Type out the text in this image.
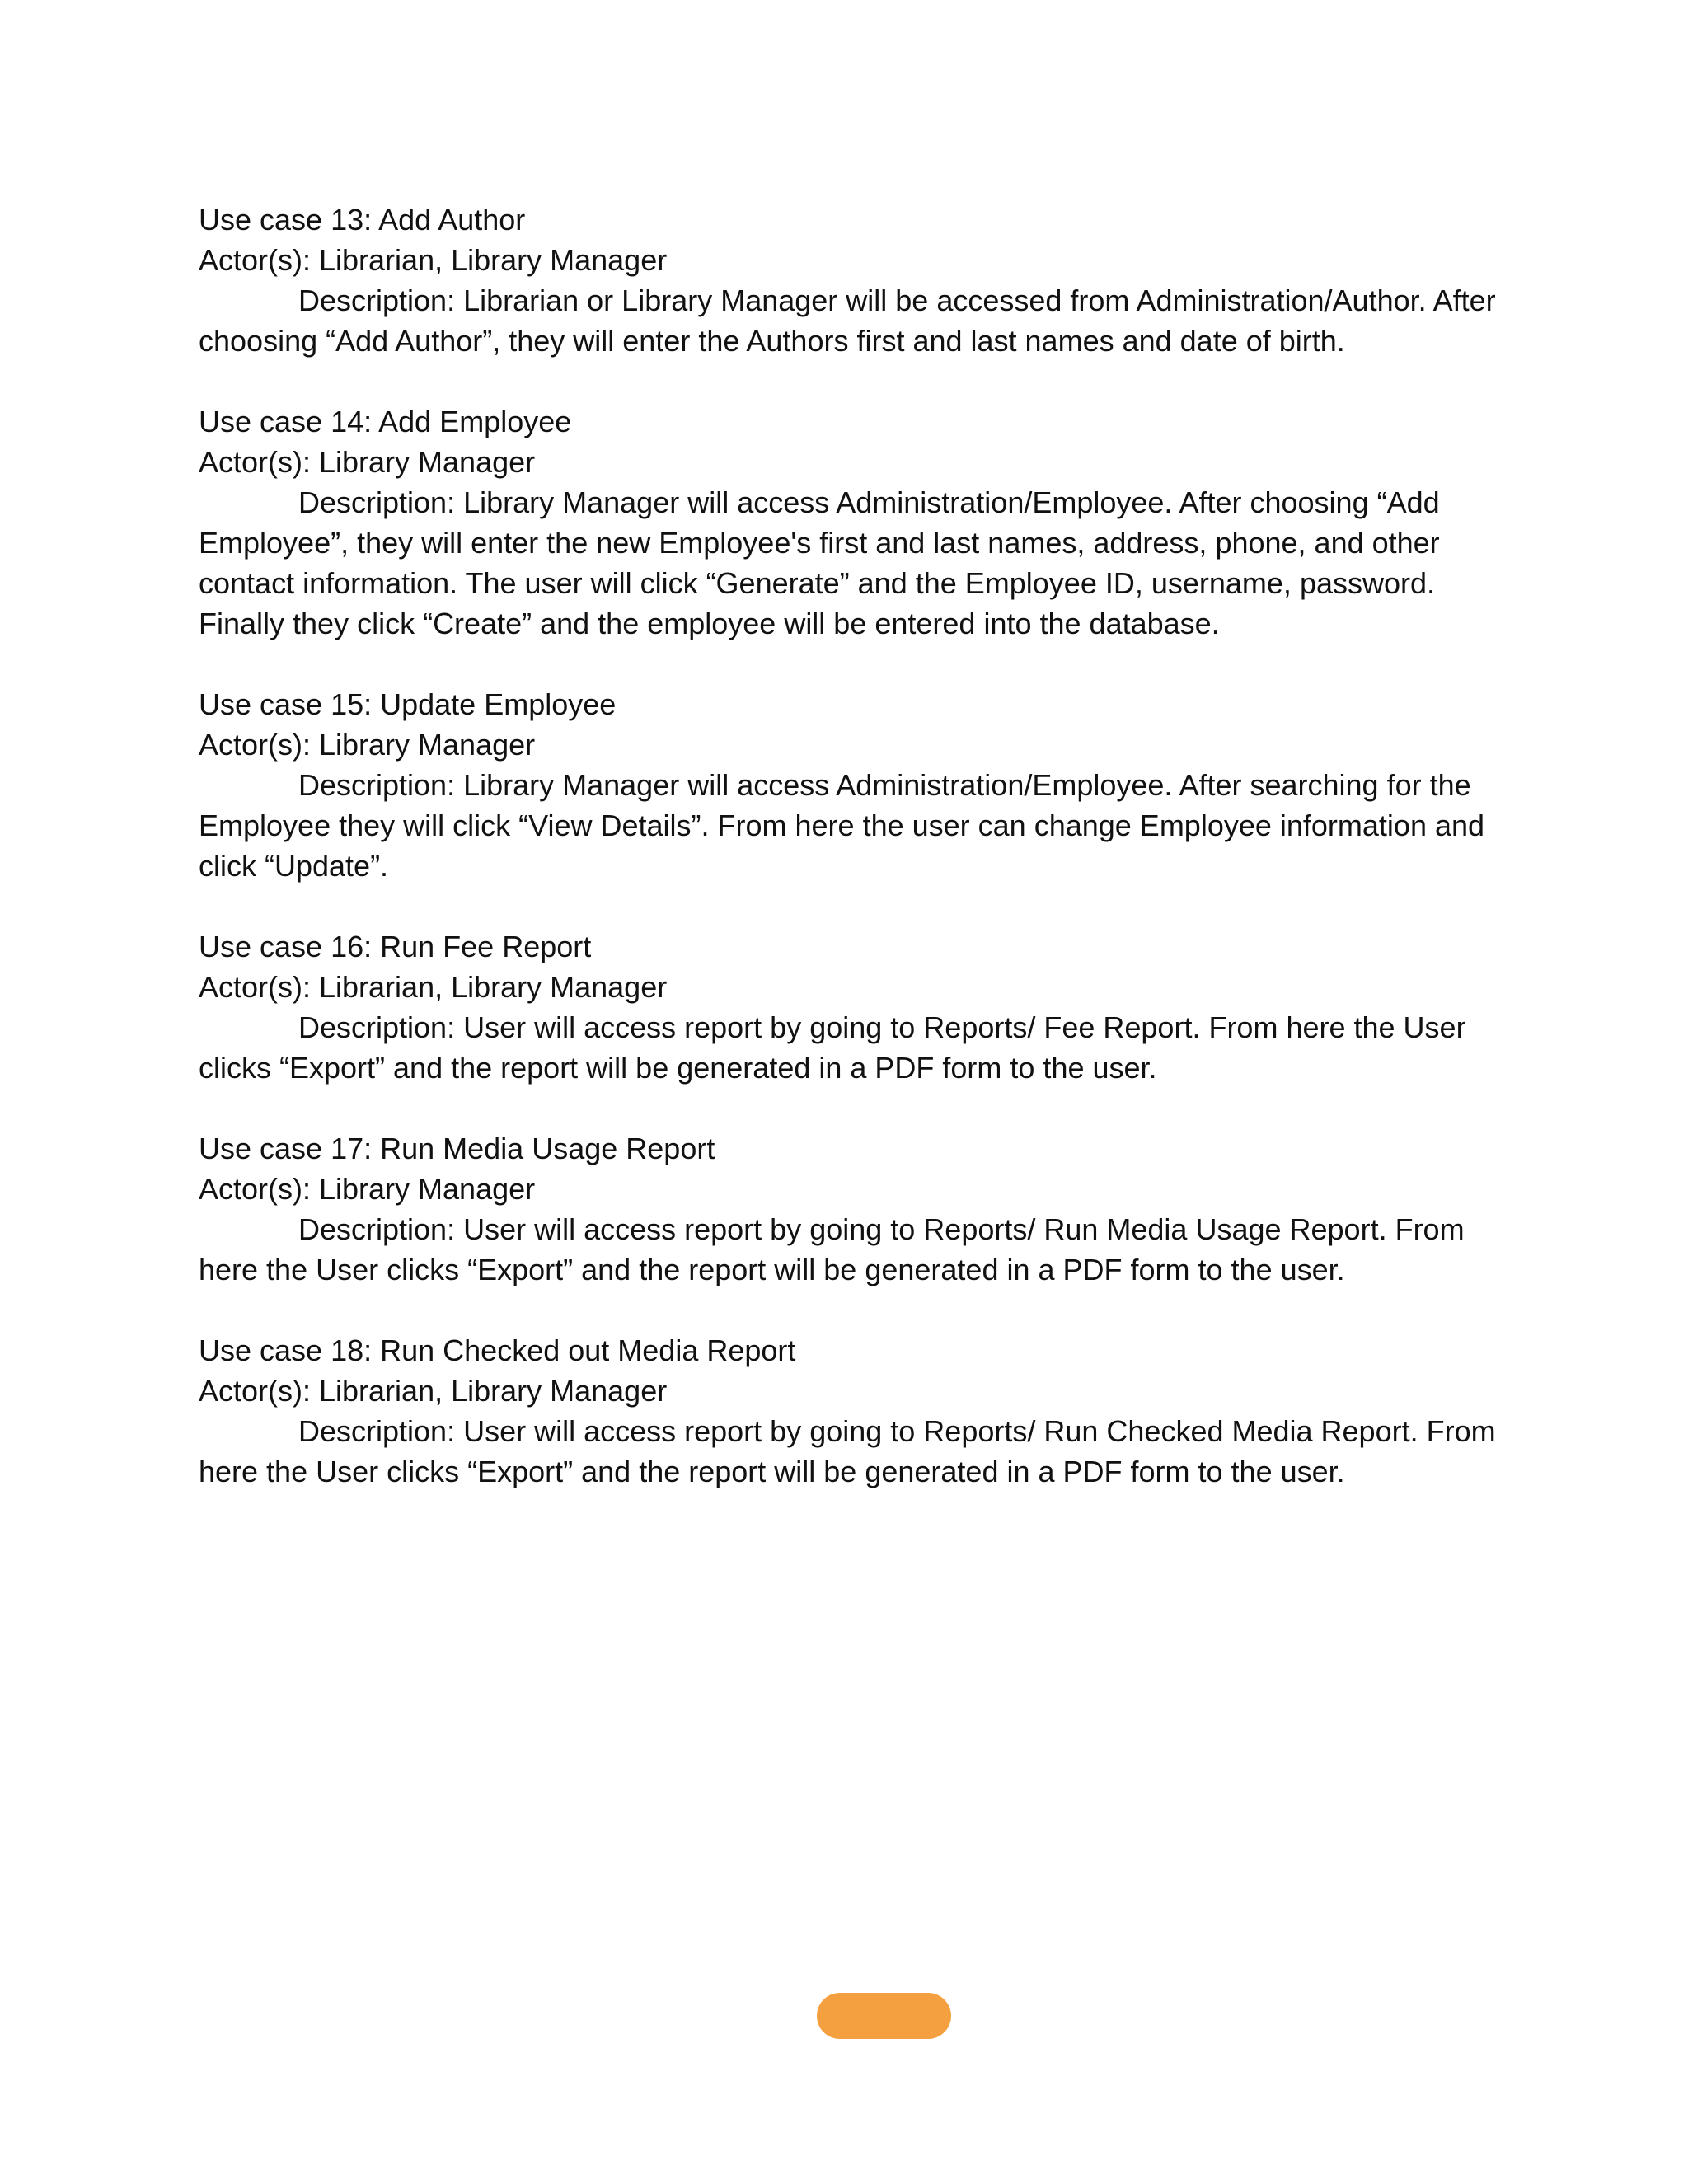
Use case 13: Add Author
Actor(s): Librarian, Library Manager
Description: Librarian or Library Manager will be accessed from Administration/Author. After choosing “Add Author”, they will enter the Authors first and last names and date of birth.
Use case 14: Add Employee
Actor(s): Library Manager
Description: Library Manager will access Administration/Employee. After choosing “Add Employee”, they will enter the new Employee's first and last names, address, phone, and other contact information. The user will click “Generate” and the Employee ID, username, password. Finally they click “Create” and the employee will be entered into the database.
Use case 15: Update Employee
Actor(s): Library Manager
Description: Library Manager will access Administration/Employee. After searching for the Employee they will click “View Details”. From here the user can change Employee information and click “Update”.
Use case 16: Run Fee Report
Actor(s): Librarian, Library Manager
Description: User will access report by going to Reports/ Fee Report. From here the User clicks “Export” and the report will be generated in a PDF form to the user.
Use case 17: Run Media Usage Report
Actor(s): Library Manager
Description: User will access report by going to Reports/ Run Media Usage Report. From here the User clicks “Export” and the report will be generated in a PDF form to the user.
Use case 18: Run Checked out Media Report
Actor(s): Librarian, Library Manager
Description: User will access report by going to Reports/ Run Checked Media Report. From here the User clicks “Export” and the report will be generated in a PDF form to the user.
